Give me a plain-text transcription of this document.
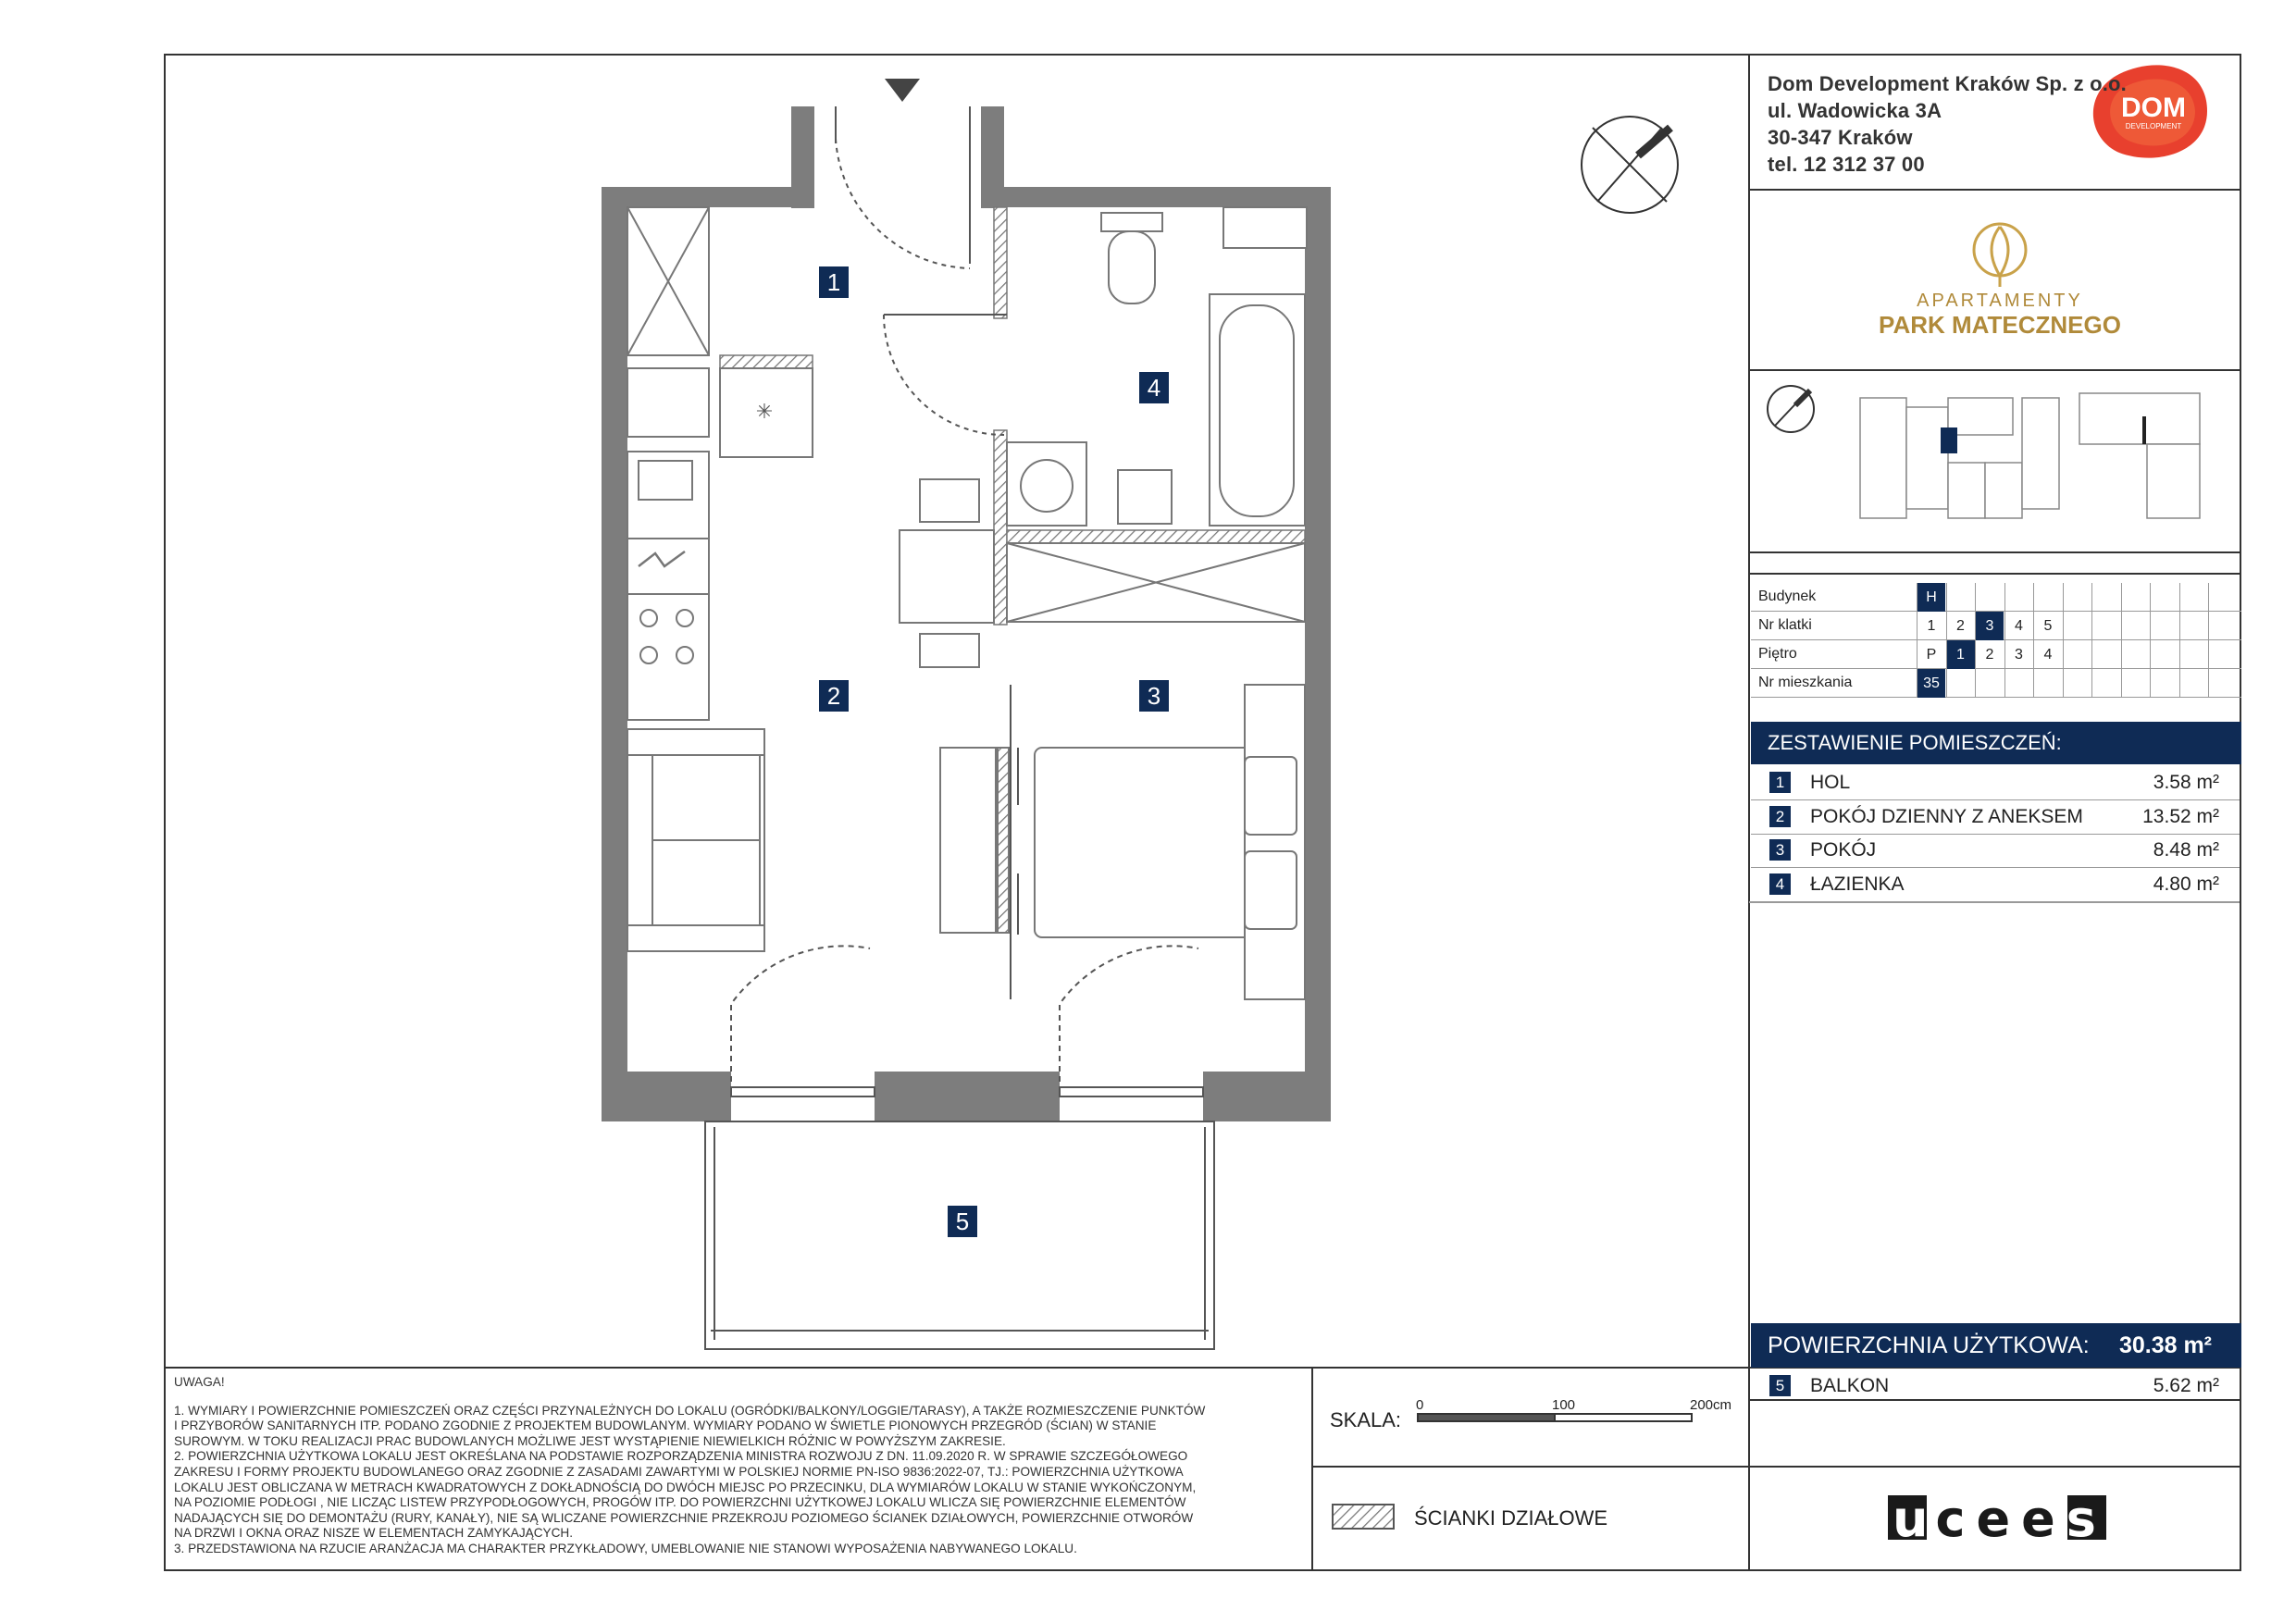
✳
1
2	3
4
5
Dom Development Kraków Sp. z o.o.
ul. Wadowicka 3A
30-347 Kraków
tel. 12 312 37 00
DOM
DEVELOPMENT
APARTAMENTY
PARK MATECZNEGO
Budynek	H
Nr klatki	1	2	3	4	5
Piętro	P	1	2	3	4
Nr mieszkania	35
ZESTAWIENIE POMIESZCZEŃ:
1	HOL	3.58 m²
2	POKÓJ DZIENNY Z ANEKSEM	13.52 m²
3	POKÓJ	8.48 m²
4	ŁAZIENKA	4.80 m²
POWIERZCHNIA UŻYTKOWA: 30.38 m²
5	BALKON	5.62 m²
UWAGA!
1. WYMIARY I POWIERZCHNIE POMIESZCZEŃ ORAZ CZĘŚCI PRZYNALEŻNYCH DO LOKALU (OGRÓDKI/BALKONY/LOGGIE/TARASY), A TAKŻE ROZMIESZCZENIE PUNKTÓW
I PRZYBORÓW SANITARNYCH ITP. PODANO ZGODNIE Z PROJEKTEM BUDOWLANYM. WYMIARY PODANO W ŚWIETLE PIONOWYCH PRZEGRÓD (ŚCIAN) W STANIE
SUROWYM. W TOKU REALIZACJI PRAC BUDOWLANYCH MOŻLIWE JEST WYSTĄPIENIE NIEWIELKICH RÓŻNIC W POWYŻSZYM ZAKRESIE.
2. POWIERZCHNIA UŻYTKOWA LOKALU JEST OKREŚLANA NA PODSTAWIE ROZPORZĄDZENIA MINISTRA ROZWOJU Z DN. 11.09.2020 R. W SPRAWIE SZCZEGÓŁOWEGO
ZAKRESU I FORMY PROJEKTU BUDOWLANEGO ORAZ ZGODNIE Z ZASADAMI ZAWARTYMI W POLSKIEJ NORMIE PN-ISO 9836:2022-07, TJ.: POWIERZCHNIA UŻYTKOWA
LOKALU JEST OBLICZANA W METRACH KWADRATOWYCH Z DOKŁADNOŚCIĄ DO DWÓCH MIEJSC PO PRZECINKU, DLA WYMIARÓW LOKALU W STANIE WYKOŃCZONYM,
NA POZIOMIE PODŁOGI , NIE LICZĄC LISTEW PRZYPODŁOGOWYCH, PROGÓW ITP. DO POWIERZCHNI UŻYTKOWEJ LOKALU WLICZA SIĘ POWIERZCHNIE ELEMENTÓW
NADAJĄCYCH SIĘ DO DEMONTAŻU (RURY, KANAŁY), NIE SĄ WLICZANE POWIERZCHNIE PRZEKROJU POZIOMEGO ŚCIANEK DZIAŁOWYCH, POWIERZCHNIE OTWORÓW
NA DRZWI I OKNA ORAZ NISZE W ELEMENTACH ZAMYKAJĄCYCH.
3. PRZEDSTAWIONA NA RZUCIE ARANŻACJA MA CHARAKTER PRZYKŁADOWY, UMEBLOWANIE NIE STANOWI WYPOSAŻENIA NABYWANEGO LOKALU.
SKALA:
0	100	200cm
ŚCIANKI DZIAŁOWE	ucees
